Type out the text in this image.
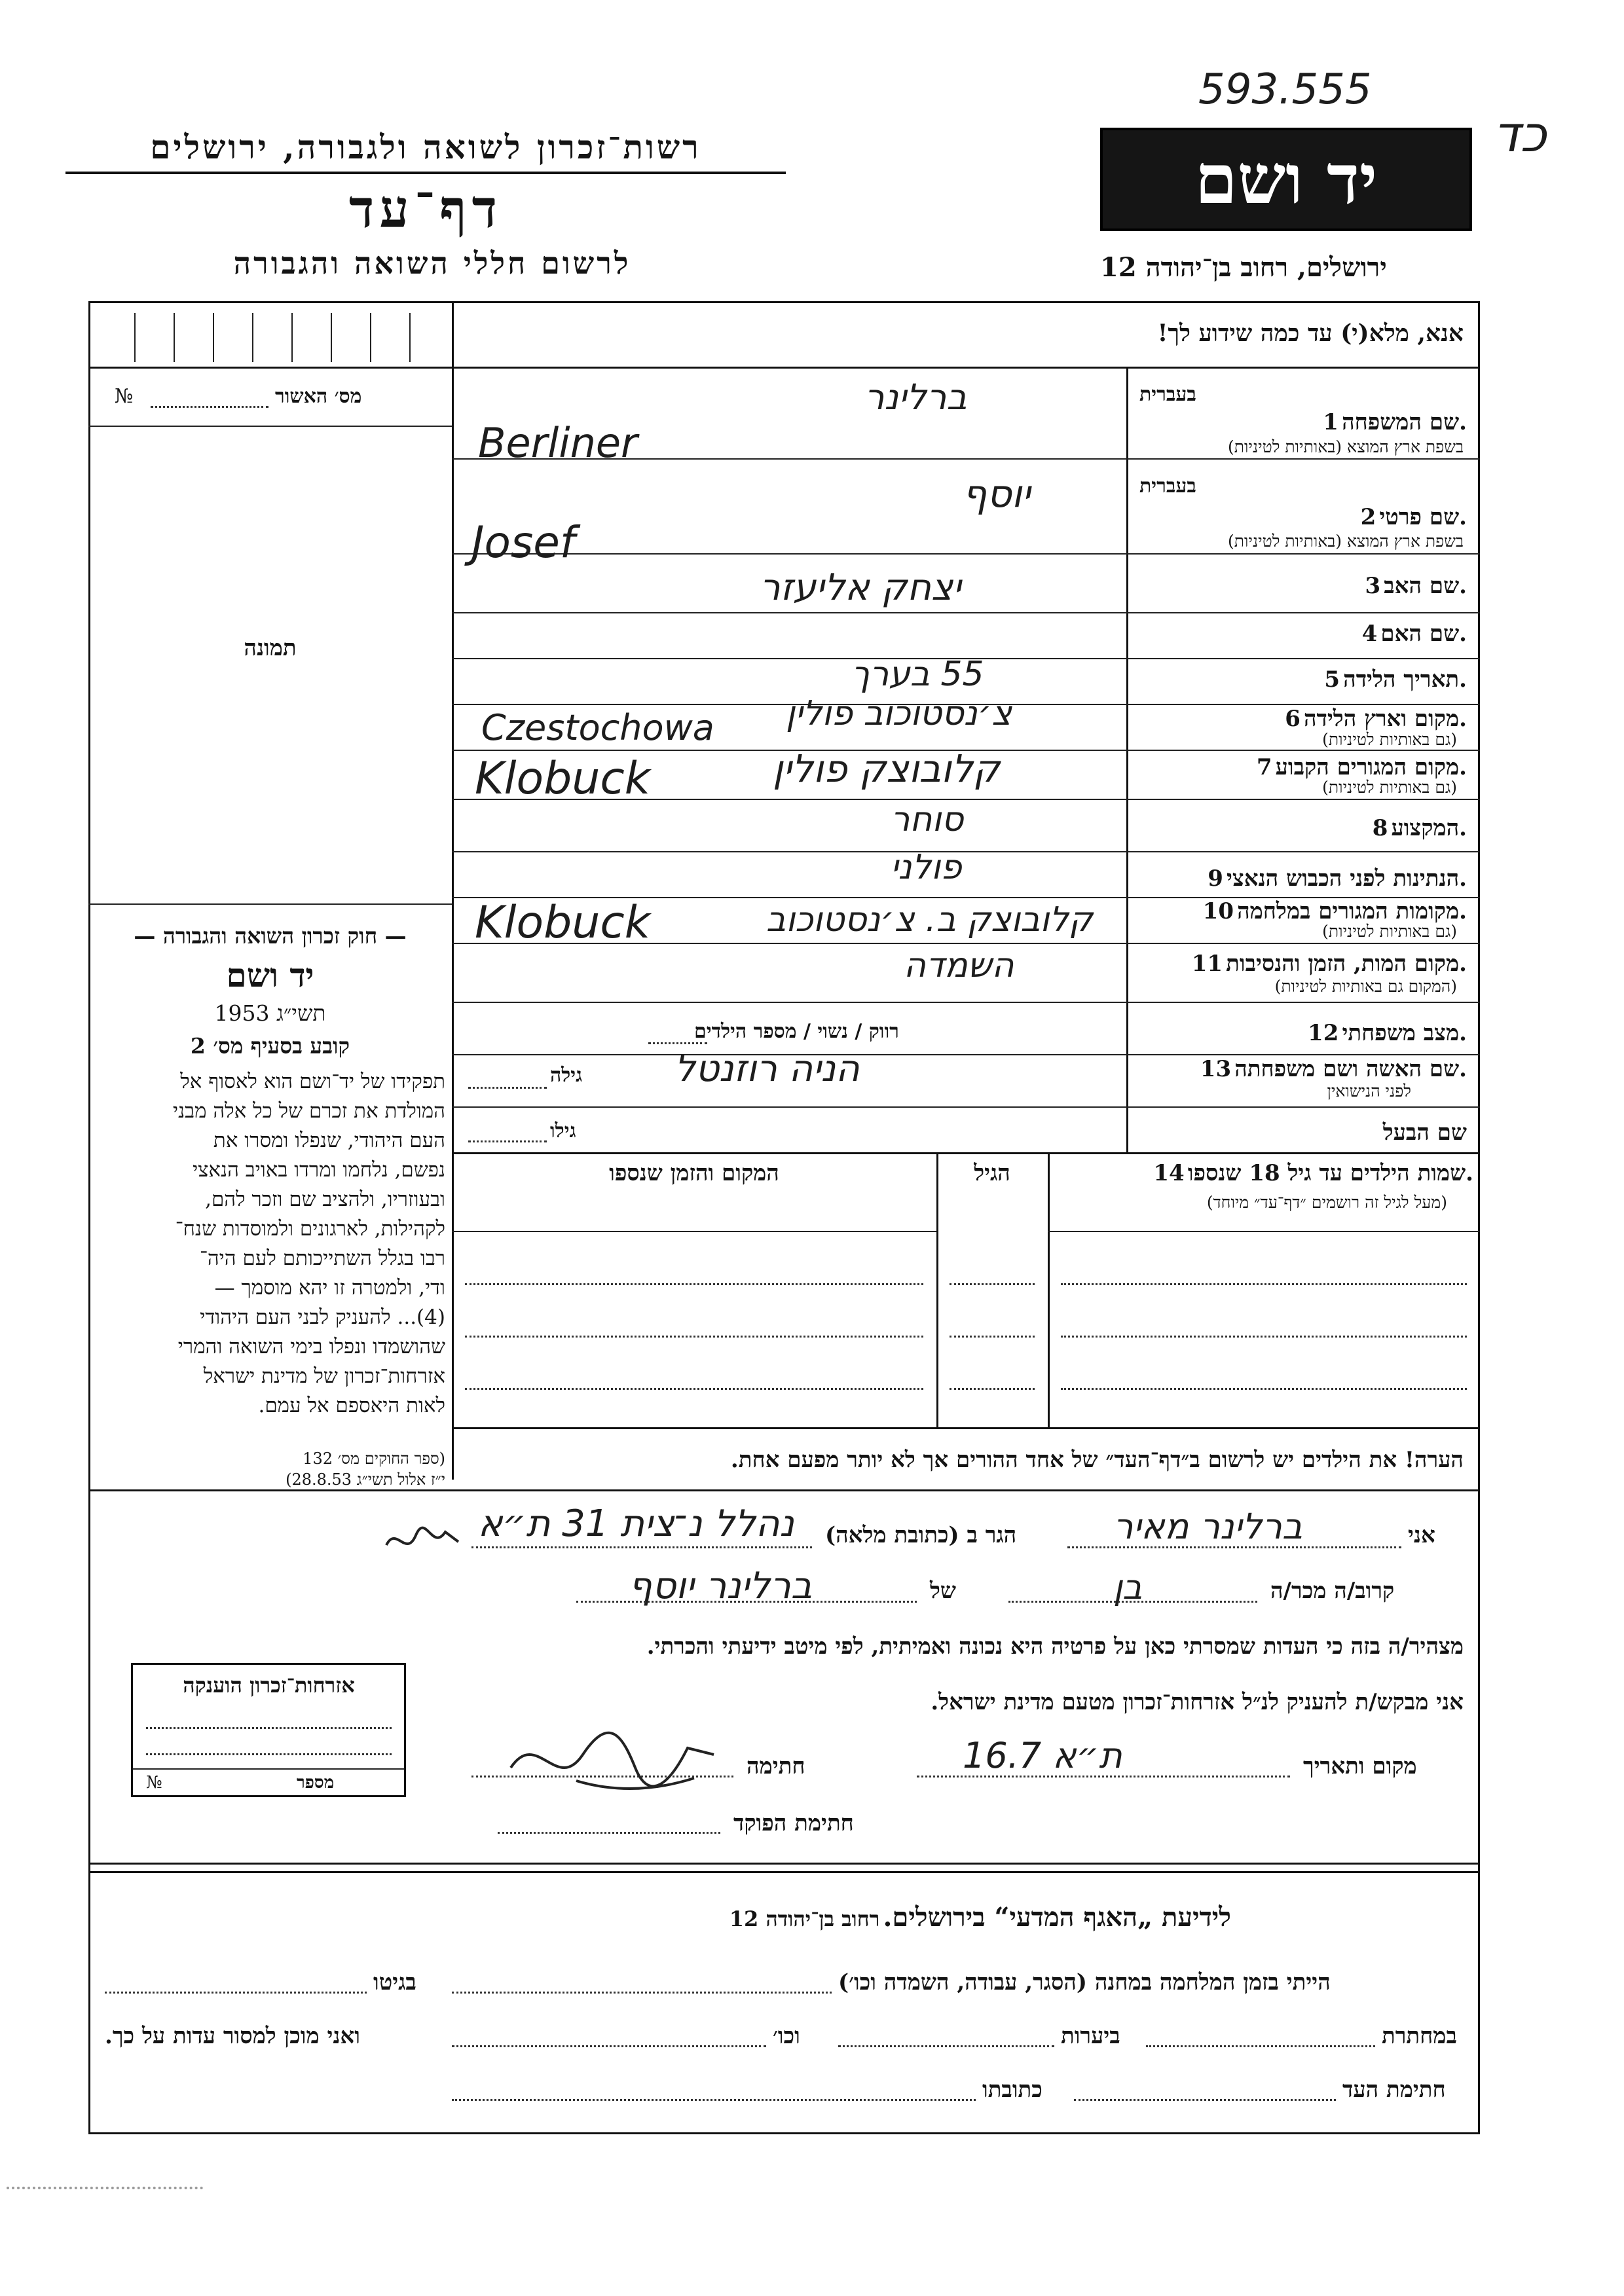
593.555
כד
רשות־זכרון לשואה ולגבורה, ירושלים
דף־עד
לרשום חללי השואה והגבורה
יד ושם
ירושלים, רחוב בן־יהודה 12
אנא, מלא(י) עד כמה שידוע לך!
מס׳ האשור
№
תמונה
— חוק זכרון השואה והגבורה —
יד ושם
1953 תשי״ג
קובע בסעיף מס׳ 2
תפקידו של יד־ושם הוא לאסוף אל
המולדת את זכרם של כל אלה מבני
העם היהודי, שנפלו ומסרו את
נפשם, נלחמו ומרדו באויב הנאצי
ובעוזריו, ולהציב שם וזכר להם,
לקהילות, לארגונים ולמוסדות שנח־
רבו בגלל השתייכותם לעם היה־
ודי, ולמטרה זו יהא מוסמך —
(4)... להעניק לבני העם היהודי
שהושמדו ונפלו בימי השואה והמרי
אזרחות־זכרון של מדינת ישראל
לאות היאספם אל עמם.
(ספר החוקים מס׳ 132
י״ז אלול תשי״ג 28.8.53)
בעברית
שם המשפחה 1.
בשפת ארץ המוצא (באותיות לטיניות)
ברלינר
Berliner
בעברית
שם פרטי 2.
בשפת ארץ המוצא (באותיות לטיניות)
יוסף
Josef
שם האב 3.
יצחק אליעזר
שם האם 4.
תאריך הלידה 5.
55 בערך
מקום וארץ הלידה 6.
(גם באותיות לטיניות)
צ׳נסטוכוב פולין
Czestochowa
מקום המגורים הקבוע 7.
(גם באותיות לטיניות)
קלובוצק פולין
Klobuck
המקצוע 8.
סוחר
הנתינות לפני הכבוש הנאצי 9.
פולני
מקומות המגורים במלחמה 10.
(גם באותיות לטיניות)
קלובוצק ב. צ׳נסטוכוב
Klobuck
מקום המות, הזמן והנסיבות 11.
(המקום גם באותיות לטיניות)
השמדה
מצב משפחתי 12.
רווק / נשוי / מספר הילדים
שם האשה ושם משפחתה 13.
לפני הנישואין
הניה רוזנטל
גילה
שם הבעל
גילו
שמות הילדים עד גיל 18 שנספו 14.
(מעל לגיל זה רושמים ״דף־עד״ מיוחד)
הגיל
המקום והזמן שנספו
הערה! את הילדים יש לרשום ב״דף־העד״ של אחד ההורים אך לא יותר מפעם אחת.
אני
ברלינר מאיר
הגר ב (כתובת מלאה)
נהלל נ־צית 31 ת״א
קרוב/ה מכר/ה
בן
של
ברלינר יוסף
מצהיר/ה בזה כי העדות שמסרתי כאן על פרטיה היא נכונה ואמיתית, לפי מיטב ידיעתי והכרתי.
אני מבקש/ת להעניק לנ״ל אזרחות־זכרון מטעם מדינת ישראל.
מקום ותאריך
ת״א 16.7
חתימה
חתימת הפוקד
אזרחות־זכרון הוענקה
מספר
№
לידיעת „האגף המדעי“ בירושלים. רחוב בן־יהודה 12
הייתי בזמן המלחמה במחנה (הסגר, עבודה, השמדה וכו׳)
בגיטו
במחתרת
ביערות
וכו׳
ואני מוכן למסור עדות על כך.
חתימת העד
כתובתו
